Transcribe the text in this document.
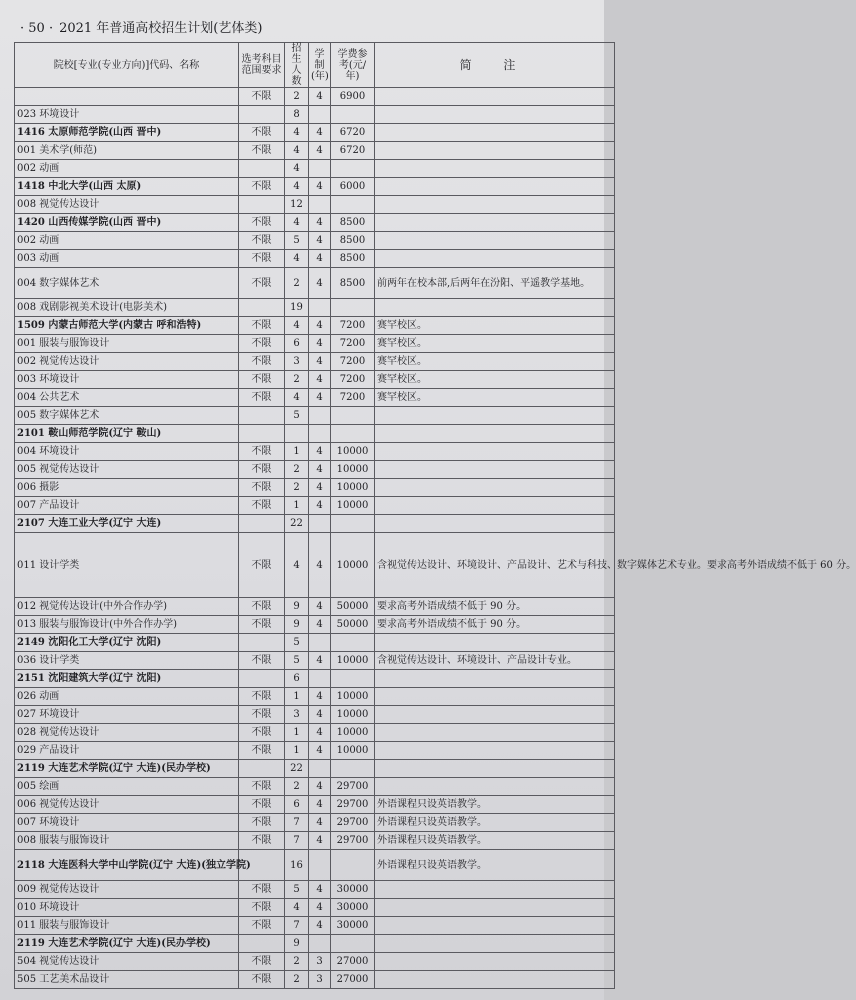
· 50 · 2021 年普通高校招生计划(艺体类)
院校[专业(专业方向)]代码、名称	选考科目范围要求	招生人数	学制(年)	学费参考(元/年)	简 注
	不限	2	4	6900	
023 环境设计		8			
1416 太原师范学院(山西 晋中)	不限	4	4	6720	
001 美术学(师范)	不限	4	4	6720	
002 动画		4			
1418 中北大学(山西 太原)	不限	4	4	6000	
008 视觉传达设计		12			
1420 山西传媒学院(山西 晋中)	不限	4	4	8500	
002 动画	不限	5	4	8500	
003 动画	不限	4	4	8500	
004 数字媒体艺术	不限	2	4	8500	前两年在校本部,后两年在汾阳、平遥教学基地。
008 戏剧影视美术设计(电影美术)		19			
1509 内蒙古师范大学(内蒙古 呼和浩特)	不限	4	4	7200	赛罕校区。
001 服装与服饰设计	不限	6	4	7200	赛罕校区。
002 视觉传达设计	不限	3	4	7200	赛罕校区。
003 环境设计	不限	2	4	7200	赛罕校区。
004 公共艺术	不限	4	4	7200	赛罕校区。
005 数字媒体艺术		5			
2101 鞍山师范学院(辽宁 鞍山)					
004 环境设计	不限	1	4	10000	
005 视觉传达设计	不限	2	4	10000	
006 摄影	不限	2	4	10000	
007 产品设计	不限	1	4	10000	
2107 大连工业大学(辽宁 大连)		22			
011 设计学类	不限	4	4	10000	含视觉传达设计、环境设计、产品设计、艺术与科技、数字媒体艺术专业。要求高考外语成绩不低于 60 分。
012 视觉传达设计(中外合作办学)	不限	9	4	50000	要求高考外语成绩不低于 90 分。
013 服装与服饰设计(中外合作办学)	不限	9	4	50000	要求高考外语成绩不低于 90 分。
2149 沈阳化工大学(辽宁 沈阳)		5			
036 设计学类	不限	5	4	10000	含视觉传达设计、环境设计、产品设计专业。
2151 沈阳建筑大学(辽宁 沈阳)		6			
026 动画	不限	1	4	10000	
027 环境设计	不限	3	4	10000	
028 视觉传达设计	不限	1	4	10000	
029 产品设计	不限	1	4	10000	
2119 大连艺术学院(辽宁 大连)(民办学校)		22			
005 绘画	不限	2	4	29700	
006 视觉传达设计	不限	6	4	29700	外语课程只设英语教学。
007 环境设计	不限	7	4	29700	外语课程只设英语教学。
008 服装与服饰设计	不限	7	4	29700	外语课程只设英语教学。
2118 大连医科大学中山学院(辽宁 大连)(独立学院)		16			外语课程只设英语教学。
009 视觉传达设计	不限	5	4	30000	
010 环境设计	不限	4	4	30000	
011 服装与服饰设计	不限	7	4	30000	
2119 大连艺术学院(辽宁 大连)(民办学校)		9			
504 视觉传达设计	不限	2	3	27000	
505 工艺美术品设计	不限	2	3	27000	
